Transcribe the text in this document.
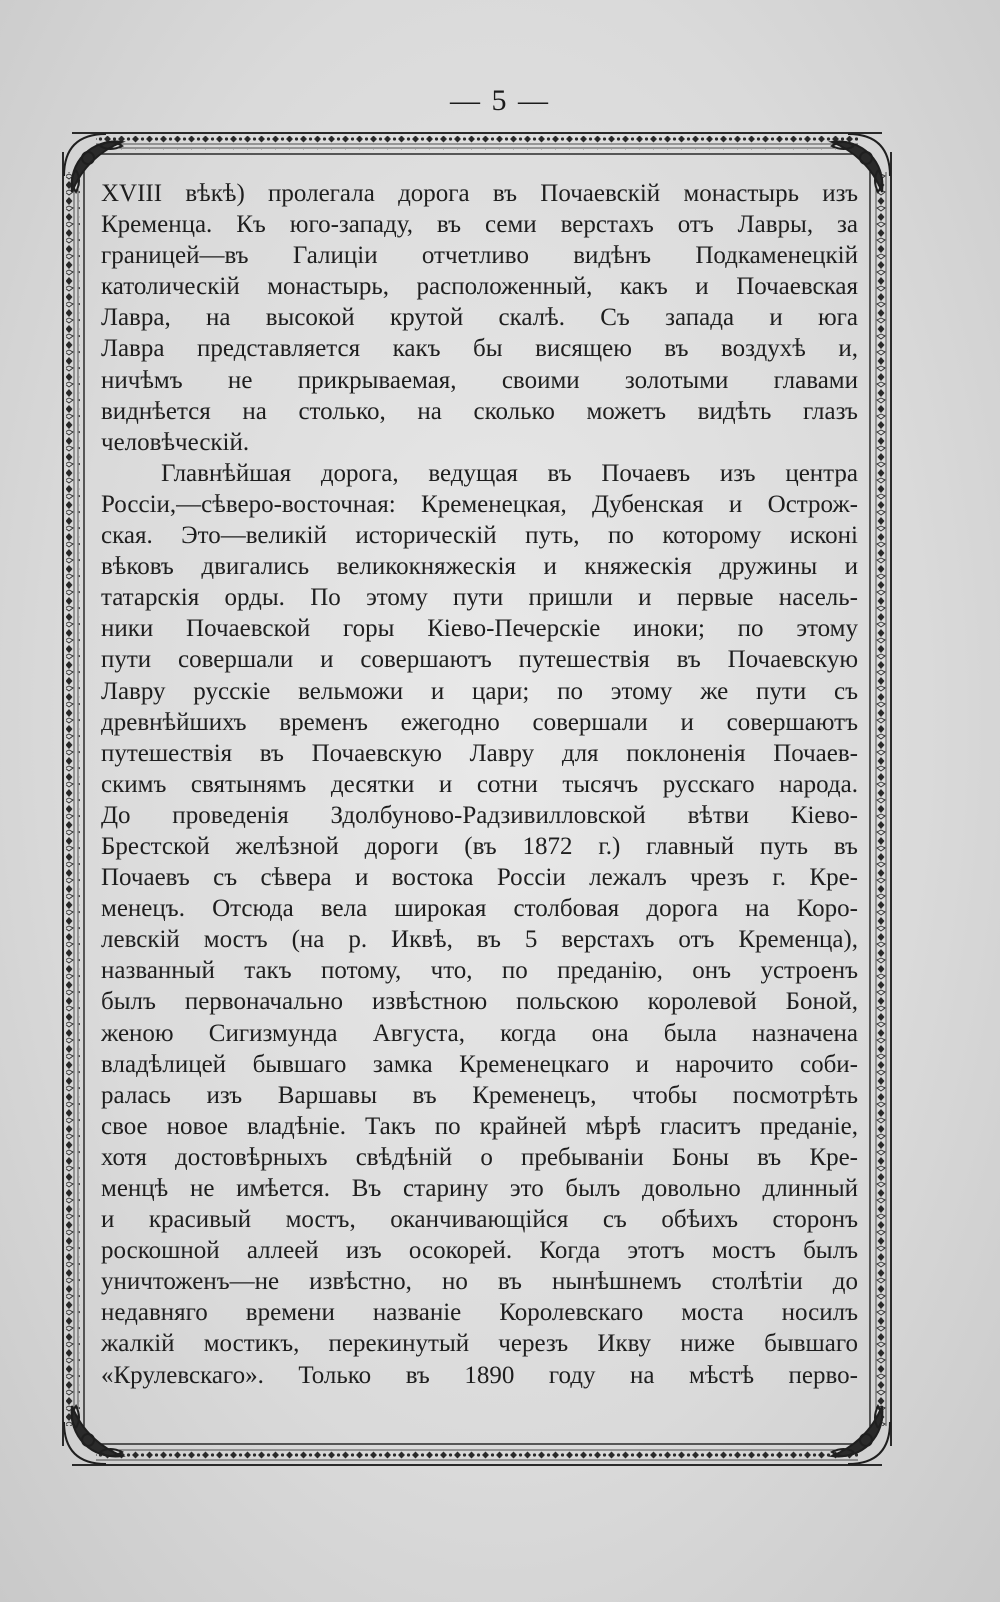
— 5 —
XVIII вѣкѣ) пролегала дорога въ Почаевскій монастырь изъ
Кременца. Къ юго-западу, въ семи верстахъ отъ Лавры, за
границей—въ Галиціи отчетливо видѣнъ Подкаменецкій
католическій монастырь, расположенный, какъ и Почаевская
Лавра, на высокой крутой скалѣ. Съ запада и юга
Лавра представляется какъ бы висящею въ воздухѣ и,
ничѣмъ не прикрываемая, своими золотыми главами
виднѣется на столько, на сколько можетъ видѣть глазъ
человѣческій.
Главнѣйшая дорога, ведущая въ Почаевъ изъ центра
Россіи,—сѣверо-восточная: Кременецкая, Дубенская и Острож-
ская. Это—великій историческій путь, по которому исконі
вѣковъ двигались великокняжескія и княжескія дружины и
татарскія орды. По этому пути пришли и первые насель-
ники Почаевской горы Кіево-Печерскіе иноки; по этому
пути совершали и совершаютъ путешествія въ Почаевскую
Лавру русскіе вельможи и цари; по этому же пути съ
древнѣйшихъ временъ ежегодно совершали и совершаютъ
путешествія въ Почаевскую Лавру для поклоненія Почаев-
скимъ святынямъ десятки и сотни тысячъ русскаго народа.
До проведенія Здолбуново-Радзивилловской вѣтви Кіево-
Брестской желѣзной дороги (въ 1872 г.) главный путь въ
Почаевъ съ сѣвера и востока Россіи лежалъ чрезъ г. Кре-
менецъ. Отсюда вела широкая столбовая дорога на Коро-
левскій мостъ (на р. Иквѣ, въ 5 верстахъ отъ Кременца),
названный такъ потому, что, по преданію, онъ устроенъ
былъ первоначально извѣстною польскою королевой Боной,
женою Сигизмунда Августа, когда она была назначена
владѣлицей бывшаго замка Кременецкаго и нарочито соби-
ралась изъ Варшавы въ Кременецъ, чтобы посмотрѣть
свое новое владѣніе. Такъ по крайней мѣрѣ гласитъ преданіе,
хотя достовѣрныхъ свѣдѣній о пребываніи Боны въ Кре-
менцѣ не имѣется. Въ старину это былъ довольно длинный
и красивый мостъ, оканчивающійся съ обѣихъ сторонъ
роскошной аллеей изъ осокорей. Когда этотъ мостъ былъ
уничтоженъ—не извѣстно, но въ нынѣшнемъ столѣтіи до
недавняго времени названіе Королевскаго моста носилъ
жалкій мостикъ, перекинутый черезъ Икву ниже бывшаго
«Крулевскаго». Только въ 1890 году на мѣстѣ перво-
